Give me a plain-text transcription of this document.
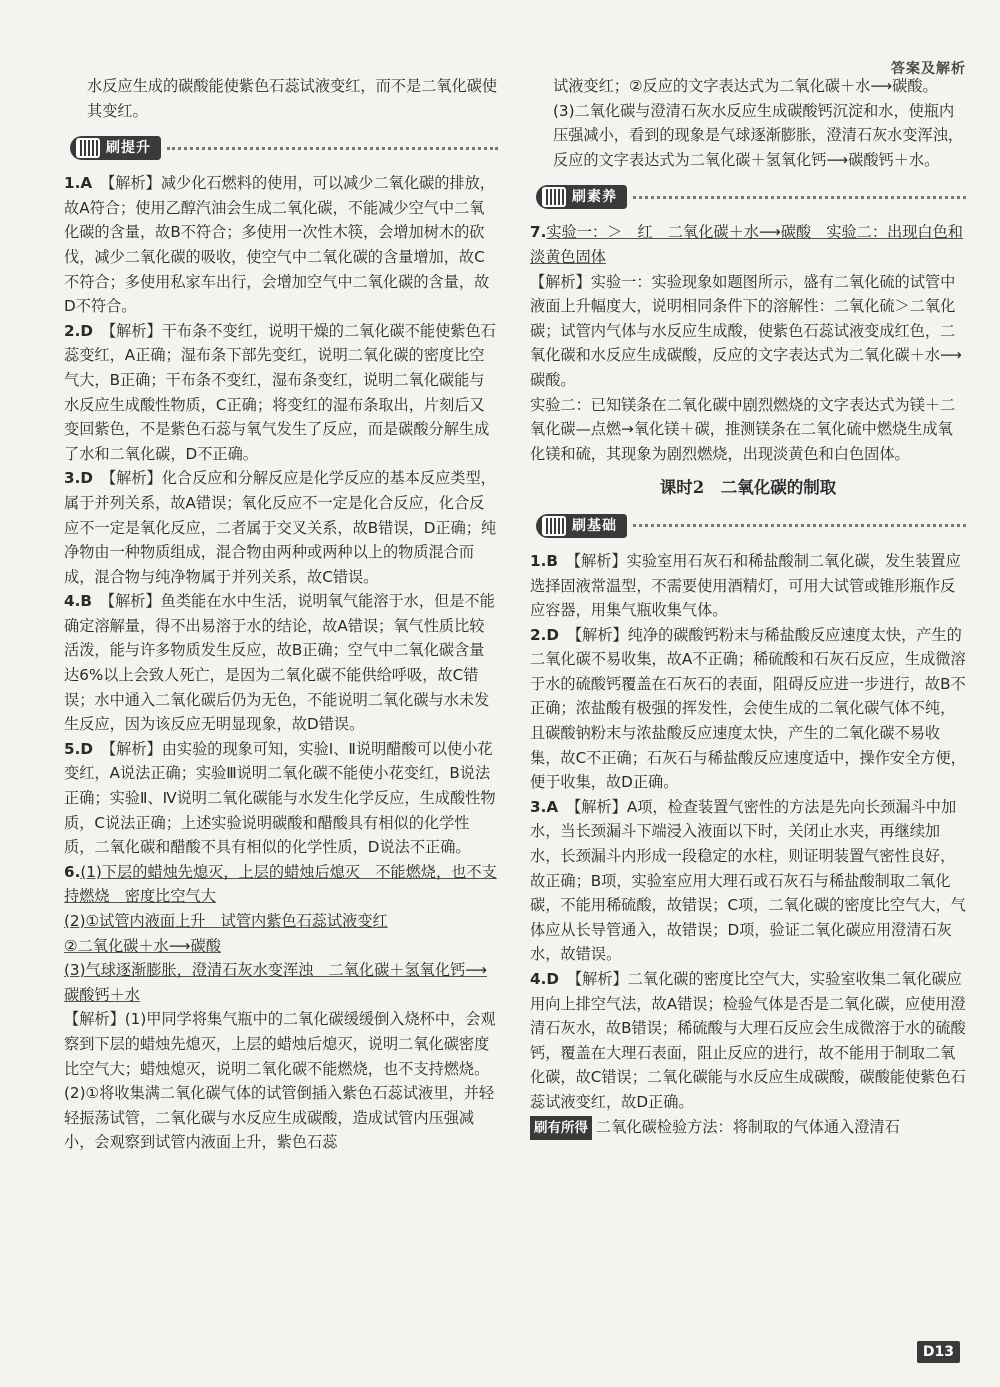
答案及解析

水反应生成的碳酸能使紫色石蕊试液变红，而不是二氧化碳使其变红。

刷提升
1.A 【解析】减少化石燃料的使用，可以减少二氧化碳的排放，故A符合；使用乙醇汽油会生成二氧化碳，不能减少空气中二氧化碳的含量，故B不符合；多使用一次性木筷，会增加树木的砍伐，减少二氧化碳的吸收，使空气中二氧化碳的含量增加，故C不符合；多使用私家车出行，会增加空气中二氧化碳的含量，故D不符合。
2.D 【解析】干布条不变红，说明干燥的二氧化碳不能使紫色石蕊变红，A正确；湿布条下部先变红，说明二氧化碳的密度比空气大，B正确；干布条不变红，湿布条变红，说明二氧化碳能与水反应生成酸性物质，C正确；将变红的湿布条取出，片刻后又变回紫色，不是紫色石蕊与氧气发生了反应，而是碳酸分解生成了水和二氧化碳，D不正确。
3.D 【解析】化合反应和分解反应是化学反应的基本反应类型，属于并列关系，故A错误；氧化反应不一定是化合反应，化合反应不一定是氧化反应，二者属于交叉关系，故B错误，D正确；纯净物由一种物质组成，混合物由两种或两种以上的物质混合而成，混合物与纯净物属于并列关系，故C错误。
4.B 【解析】鱼类能在水中生活，说明氧气能溶于水，但是不能确定溶解量，得不出易溶于水的结论，故A错误；氧气性质比较活泼，能与许多物质发生反应，故B正确；空气中二氧化碳含量达6%以上会致人死亡，是因为二氧化碳不能供给呼吸，故C错误；水中通入二氧化碳后仍为无色，不能说明二氧化碳与水未发生反应，因为该反应无明显现象，故D错误。
5.D 【解析】由实验的现象可知，实验Ⅰ、Ⅱ说明醋酸可以使小花变红，A说法正确；实验Ⅲ说明二氧化碳不能使小花变红，B说法正确；实验Ⅱ、Ⅳ说明二氧化碳能与水发生化学反应，生成酸性物质，C说法正确；上述实验说明碳酸和醋酸具有相似的化学性质，二氧化碳和醋酸不具有相似的化学性质，D说法不正确。
6.(1)下层的蜡烛先熄灭，上层的蜡烛后熄灭　不能燃烧，也不支持燃烧　密度比空气大
(2)①试管内液面上升　试管内紫色石蕊试液变红
②二氧化碳＋水⟶碳酸
(3)气球逐渐膨胀，澄清石灰水变浑浊　二氧化碳＋氢氧化钙⟶碳酸钙＋水
【解析】(1)甲同学将集气瓶中的二氧化碳缓缓倒入烧杯中，会观察到下层的蜡烛先熄灭，上层的蜡烛后熄灭，说明二氧化碳密度比空气大；蜡烛熄灭，说明二氧化碳不能燃烧，也不支持燃烧。
(2)①将收集满二氧化碳气体的试管倒插入紫色石蕊试液里，并轻轻振荡试管，二氧化碳与水反应生成碳酸，造成试管内压强减小，会观察到试管内液面上升，紫色石蕊

试液变红；②反应的文字表达式为二氧化碳＋水⟶碳酸。

(3)二氧化碳与澄清石灰水反应生成碳酸钙沉淀和水，使瓶内压强减小，看到的现象是气球逐渐膨胀，澄清石灰水变浑浊，反应的文字表达式为二氧化碳＋氢氧化钙⟶碳酸钙＋水。

刷素养
7.实验一：＞　红　二氧化碳＋水⟶碳酸　实验二：出现白色和淡黄色固体
【解析】实验一：实验现象如题图所示，盛有二氧化硫的试管中液面上升幅度大，说明相同条件下的溶解性：二氧化硫＞二氧化碳；试管内气体与水反应生成酸，使紫色石蕊试液变成红色，二氧化碳和水反应生成碳酸，反应的文字表达式为二氧化碳＋水⟶碳酸。
实验二：已知镁条在二氧化碳中剧烈燃烧的文字表达式为镁＋二氧化碳—点燃→氧化镁＋碳，推测镁条在二氧化硫中燃烧生成氧化镁和硫，其现象为剧烈燃烧，出现淡黄色和白色固体。
课时2　二氧化碳的制取
刷基础
1.B 【解析】实验室用石灰石和稀盐酸制二氧化碳，发生装置应选择固液常温型，不需要使用酒精灯，可用大试管或锥形瓶作反应容器，用集气瓶收集气体。
2.D 【解析】纯净的碳酸钙粉末与稀盐酸反应速度太快，产生的二氧化碳不易收集，故A不正确；稀硫酸和石灰石反应，生成微溶于水的硫酸钙覆盖在石灰石的表面，阻碍反应进一步进行，故B不正确；浓盐酸有极强的挥发性，会使生成的二氧化碳气体不纯，且碳酸钠粉末与浓盐酸反应速度太快，产生的二氧化碳不易收集，故C不正确；石灰石与稀盐酸反应速度适中，操作安全方便，便于收集，故D正确。
3.A 【解析】A项，检查装置气密性的方法是先向长颈漏斗中加水，当长颈漏斗下端浸入液面以下时，关闭止水夹，再继续加水，长颈漏斗内形成一段稳定的水柱，则证明装置气密性良好，故正确；B项，实验室应用大理石或石灰石与稀盐酸制取二氧化碳，不能用稀硫酸，故错误；C项，二氧化碳的密度比空气大，气体应从长导管通入，故错误；D项，验证二氧化碳应用澄清石灰水，故错误。
4.D 【解析】二氧化碳的密度比空气大，实验室收集二氧化碳应用向上排空气法，故A错误；检验气体是否是二氧化碳，应使用澄清石灰水，故B错误；稀硫酸与大理石反应会生成微溶于水的硫酸钙，覆盖在大理石表面，阻止反应的进行，故不能用于制取二氧化碳，故C错误；二氧化碳能与水反应生成碳酸，碳酸能使紫色石蕊试液变红，故D正确。

刷有所得 二氧化碳检验方法：将制取的气体通入澄清石

D13
